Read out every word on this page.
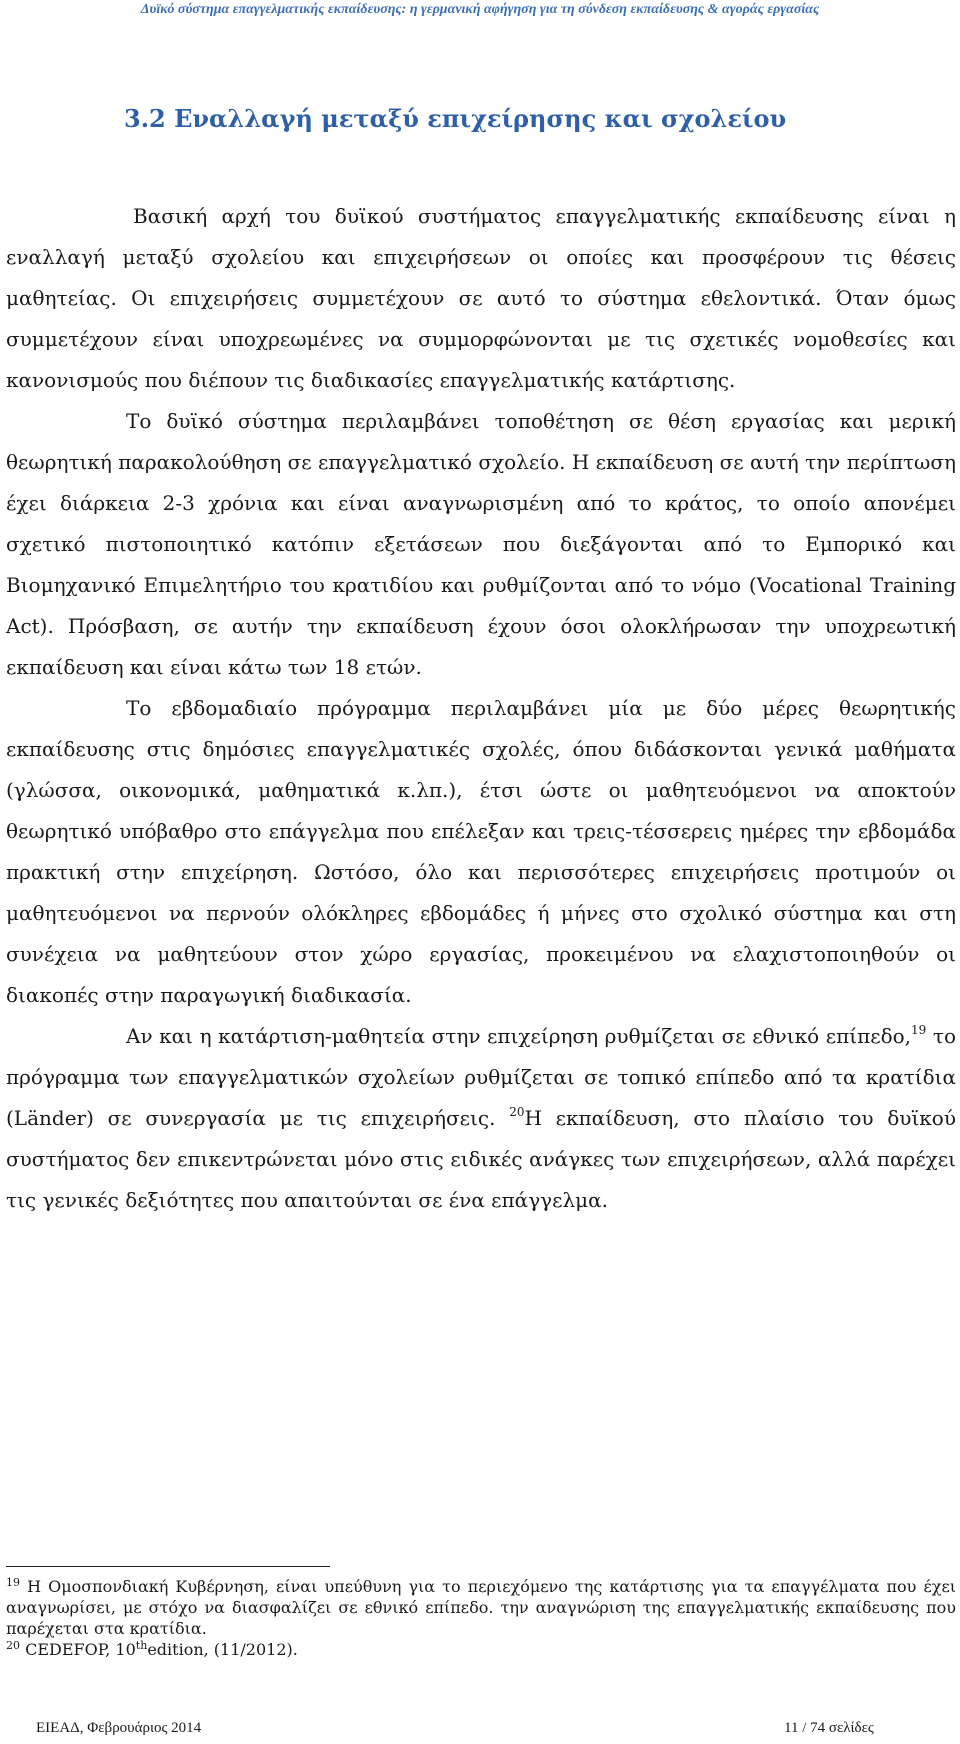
Δυϊκό σύστημα επαγγελματικής εκπαίδευσης: η γερμανική αφήγηση για τη σύνδεση εκπαίδευσης & αγοράς εργασίας
3.2 Εναλλαγή μεταξύ επιχείρησης και σχολείου

Βασική αρχή του δυϊκού συστήματος επαγγελματικής εκπαίδευσης είναι η εναλλαγή μεταξύ σχολείου και επιχειρήσεων οι οποίες και προσφέρουν τις θέσεις μαθητείας. Οι επιχειρήσεις συμμετέχουν σε αυτό το σύστημα εθελοντικά. Όταν όμως συμμετέχουν είναι υποχρεωμένες να συμμορφώνονται με τις σχετικές νομοθεσίες και κανονισμούς που διέπουν τις διαδικασίες επαγγελματικής κατάρτισης.

Το δυϊκό σύστημα περιλαμβάνει τοποθέτηση σε θέση εργασίας και μερική θεωρητική παρακολούθηση σε επαγγελματικό σχολείο. Η εκπαίδευση σε αυτή την περίπτωση έχει διάρκεια 2-3 χρόνια και είναι αναγνωρισμένη από το κράτος, το οποίο απονέμει σχετικό πιστοποιητικό κατόπιν εξετάσεων που διεξάγονται από το Εμπορικό και Βιομηχανικό Επιμελητήριο του κρατιδίου και ρυθμίζονται από το νόμο (Vocational Training Act). Πρόσβαση, σε αυτήν την εκπαίδευση έχουν όσοι ολοκλήρωσαν την υποχρεωτική εκπαίδευση και είναι κάτω των 18 ετών.

Το εβδομαδιαίο πρόγραμμα περιλαμβάνει μία με δύο μέρες θεωρητικής εκπαίδευσης στις δημόσιες επαγγελματικές σχολές, όπου διδάσκονται γενικά μαθήματα (γλώσσα, οικονομικά, μαθηματικά κ.λπ.), έτσι ώστε οι μαθητευόμενοι να αποκτούν θεωρητικό υπόβαθρο στο επάγγελμα που επέλεξαν και τρεις-τέσσερεις ημέρες την εβδομάδα πρακτική στην επιχείρηση. Ωστόσο, όλο και περισσότερες επιχειρήσεις προτιμούν οι μαθητευόμενοι να περνούν ολόκληρες εβδομάδες ή μήνες στο σχολικό σύστημα και στη συνέχεια να μαθητεύουν στον χώρο εργασίας, προκειμένου να ελαχιστοποιηθούν οι διακοπές στην παραγωγική διαδικασία.

Αν και η κατάρτιση-μαθητεία στην επιχείρηση ρυθμίζεται σε εθνικό επίπεδο,$^{19}$ το πρόγραμμα των επαγγελματικών σχολείων ρυθμίζεται σε τοπικό επίπεδο από τα κρατίδια (Länder) σε συνεργασία με τις επιχειρήσεις. $^{20}$Η εκπαίδευση, στο πλαίσιο του δυϊκού συστήματος δεν επικεντρώνεται μόνο στις ειδικές ανάγκες των επιχειρήσεων, αλλά παρέχει τις γενικές δεξιότητες που απαιτούνται σε ένα επάγγελμα.

$^{19}$ Η Ομοσπονδιακή Κυβέρνηση, είναι υπεύθυνη για το περιεχόμενο της κατάρτισης για τα επαγγέλματα που έχει αναγνωρίσει, με στόχο να διασφαλίζει σε εθνικό επίπεδο. την αναγνώριση της επαγγελματικής εκπαίδευσης που παρέχεται στα κρατίδια.

$^{20}$ CEDEFOP, 10thedition, (11/2012).

ΕΙΕΑΔ, Φεβρουάριος 2014	11 / 74 σελίδες
